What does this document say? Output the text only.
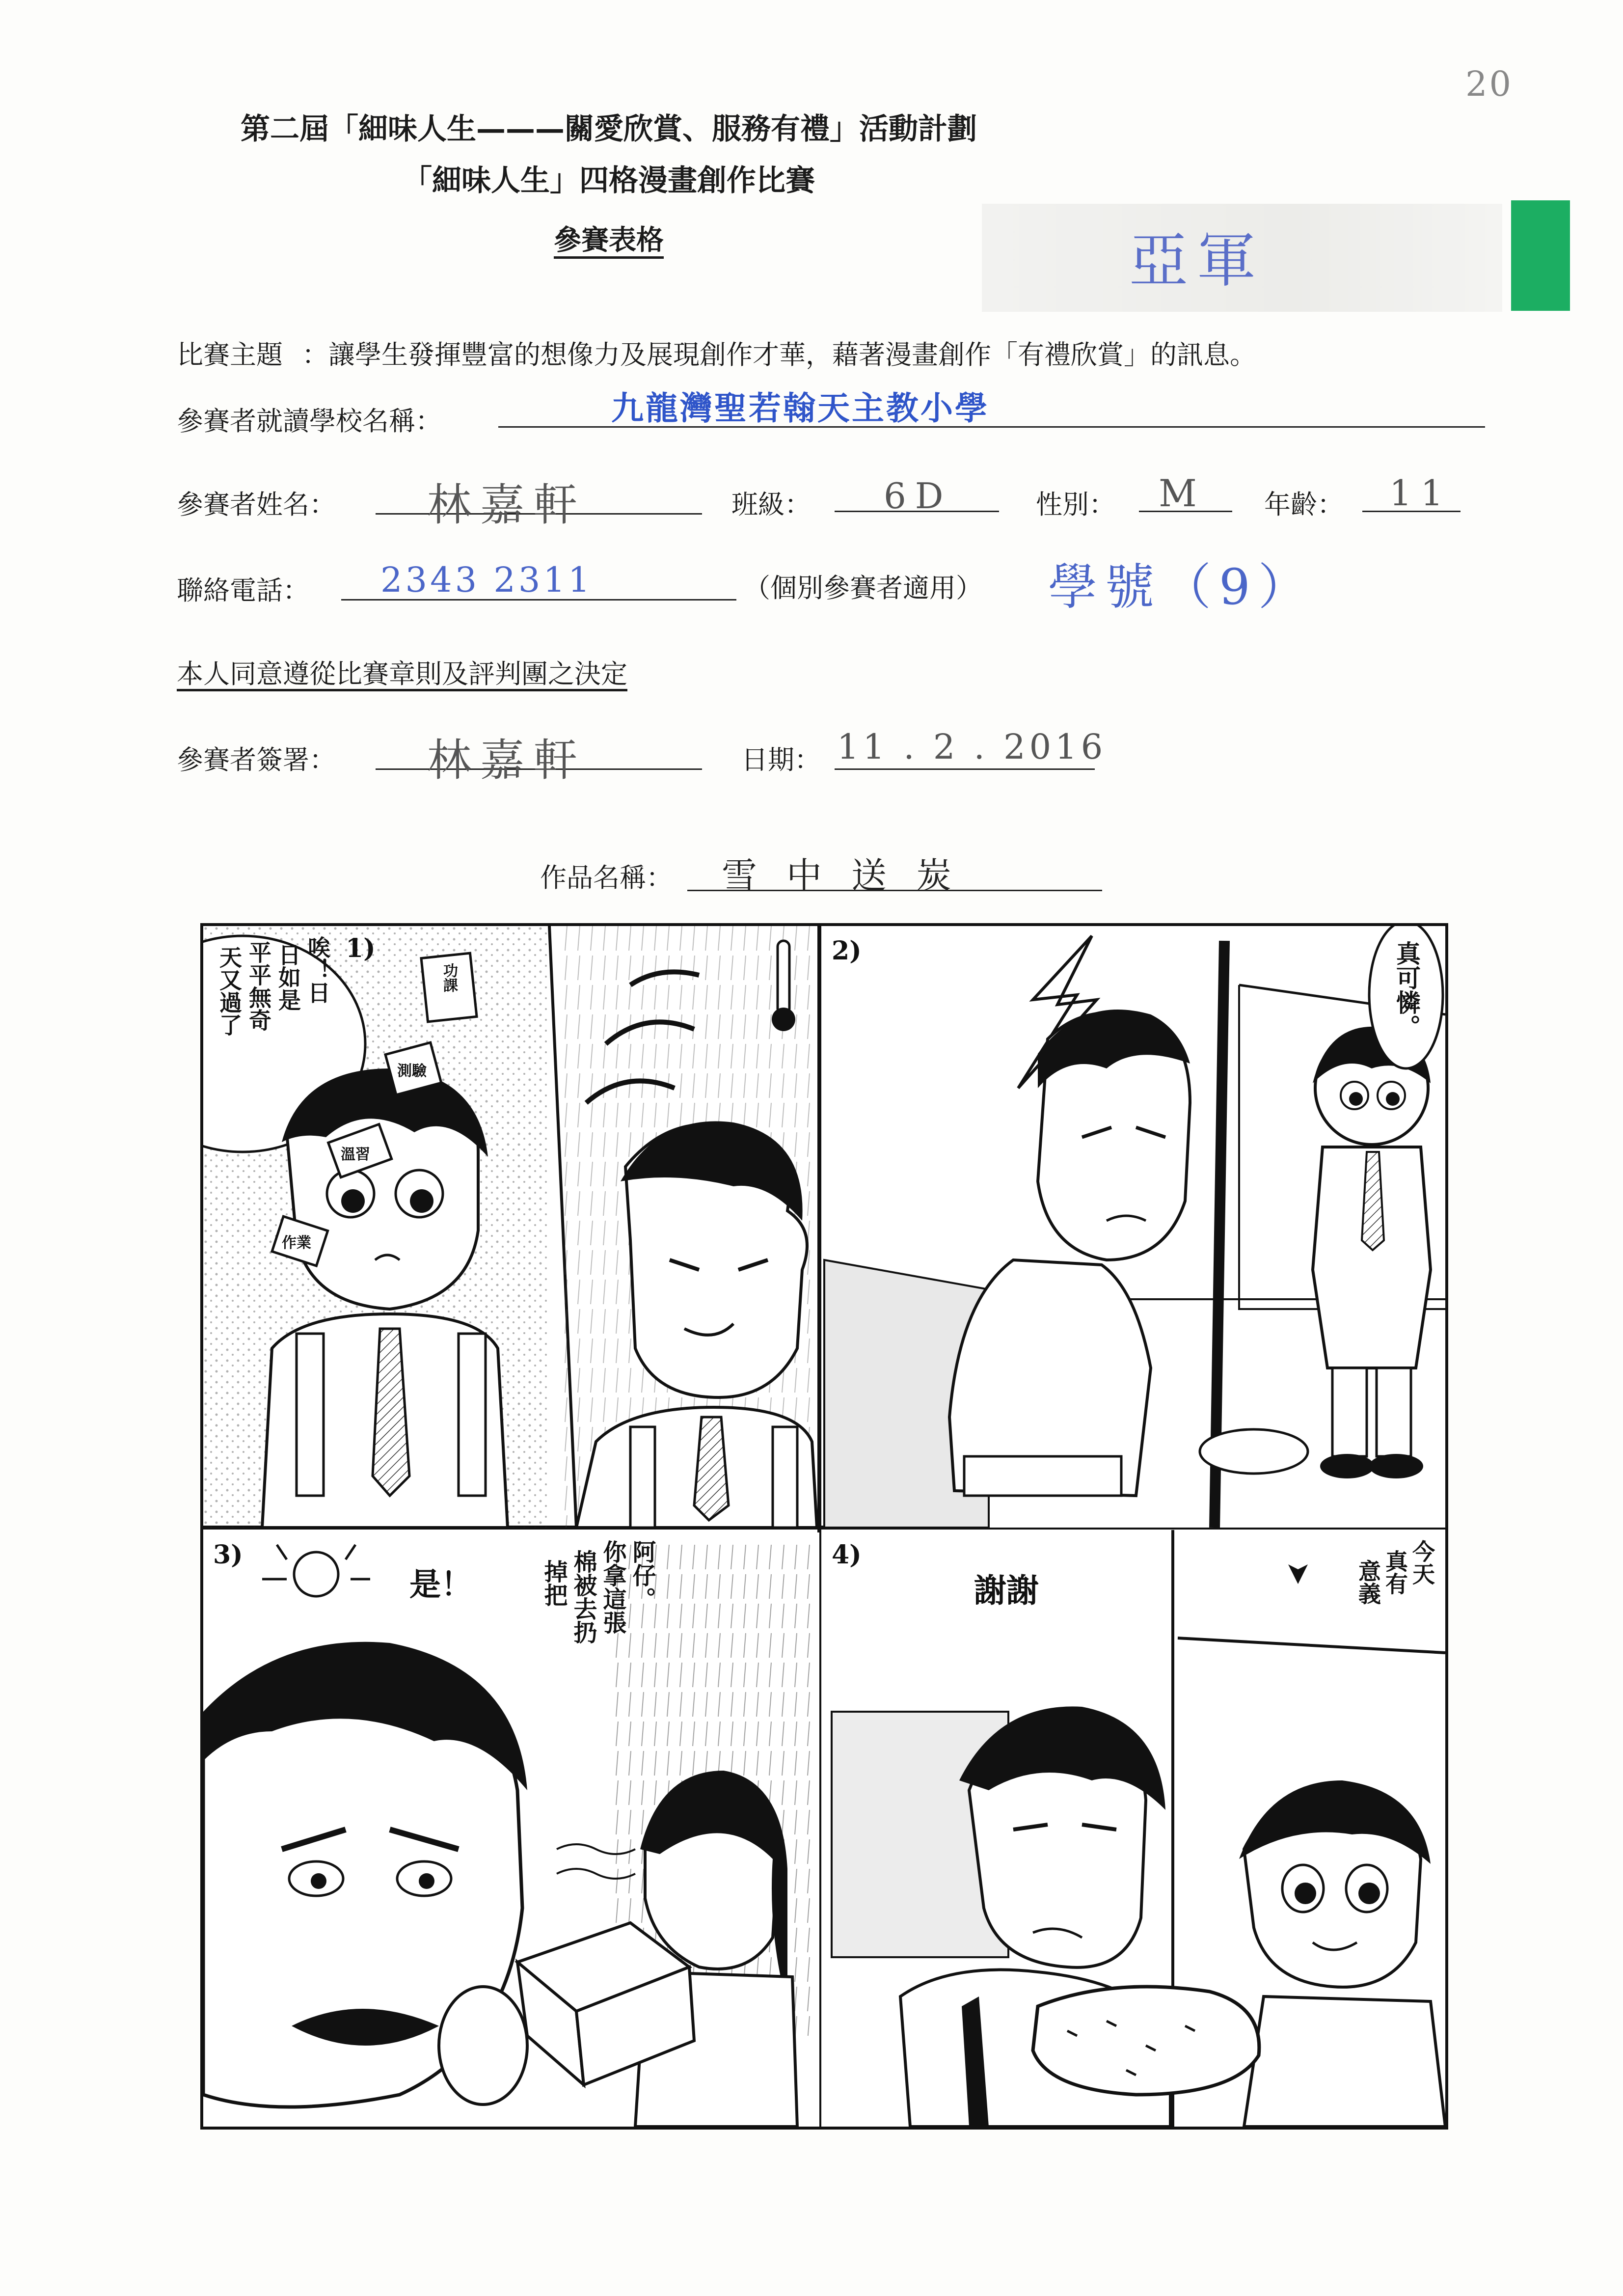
20
第二屆「細味人生———關愛欣賞、服務有禮」活動計劃
「細味人生」四格漫畫創作比賽
參賽表格	亞軍
比賽主題 ：讓學生發揮豐富的想像力及展現創作才華，藉著漫畫創作「有禮欣賞」的訊息。
參賽者就讀學校名稱：	九龍灣聖若翰天主教小學
參賽者姓名： 林嘉軒	班級： 6D	性別： M 年齡： 11
聯絡電話： 2343 2311	（個別參賽者適用） 學號（9）
本人同意遵從比賽章則及評判團之決定
參賽者簽署： 林嘉軒	日期： 11 . 2 . 2016
作品名稱： 雪中送炭
1)
天又過了 平平無奇 日如是 唉！日	功課
測驗
溫習
作業
2)	真可憐。
3)
是！	阿仔。
你拿這張
棉被去扔
掉把
4)
謝謝
今天
真有
意義
